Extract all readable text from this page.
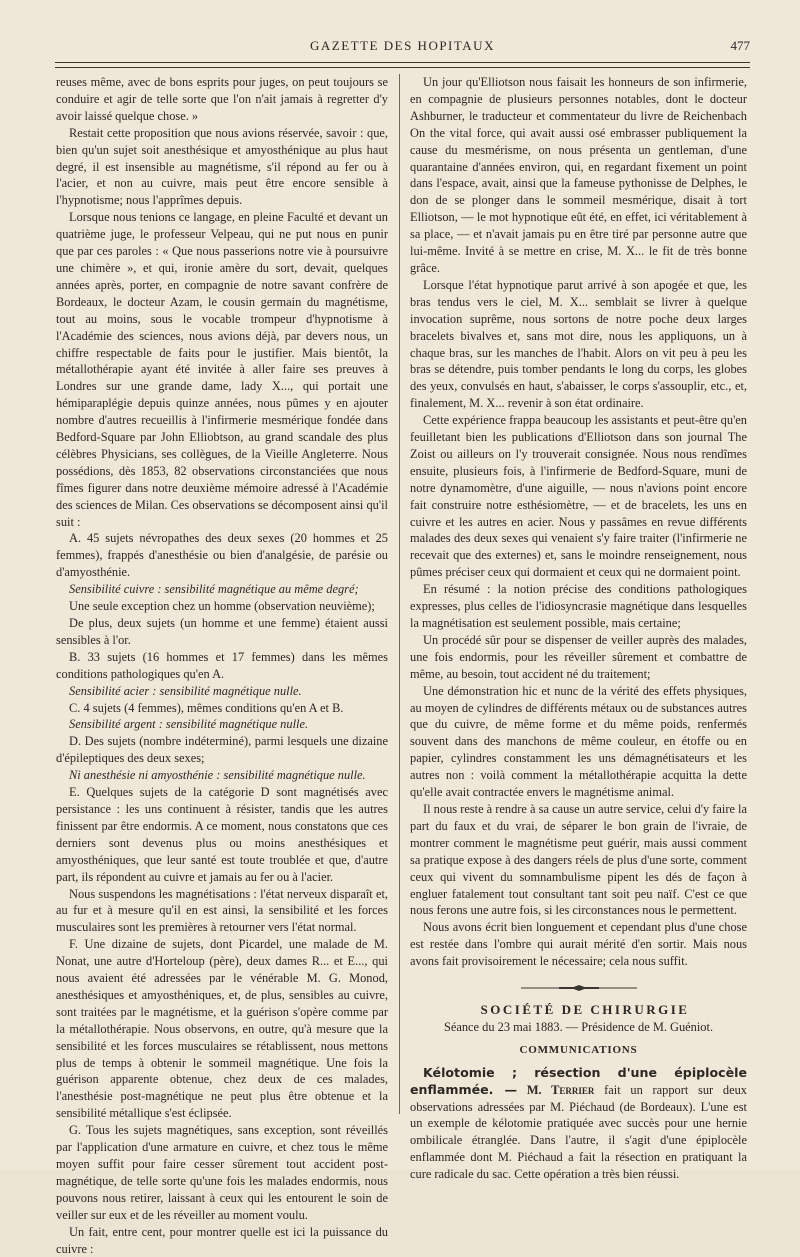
GAZETTE DES HOPITAUX	477

reuses même, avec de bons esprits pour juges, on peut toujours se conduire et agir de telle sorte que l'on n'ait jamais à regretter d'y avoir laissé quelque chose. »

Restait cette proposition que nous avions réservée, savoir : que, bien qu'un sujet soit anesthésique et amyosthénique au plus haut degré, il est insensible au magnétisme, s'il répond au fer ou à l'acier, et non au cuivre, mais peut être encore sensible à l'hypnotisme; nous l'apprîmes depuis.

Lorsque nous tenions ce langage, en pleine Faculté et devant un quatrième juge, le professeur Velpeau, qui ne put nous en punir que par ces paroles : « Que nous passerions notre vie à poursuivre une chimère », et qui, ironie amère du sort, devait, quelques années après, porter, en compagnie de notre savant confrère de Bordeaux, le docteur Azam, le cousin germain du magnétisme, tout au moins, sous le vocable trompeur d'hypnotisme à l'Académie des sciences, nous avions déjà, par devers nous, un chiffre respectable de faits pour le justifier. Mais bientôt, la métallothérapie ayant été invitée à aller faire ses preuves à Londres sur une grande dame, lady X..., qui portait une hémiparaplégie depuis quinze années, nous pûmes y en ajouter nombre d'autres recueillis à l'infirmerie mesmérique fondée dans Bedford-Square par John Elliobtson, au grand scandale des plus célèbres Physicians, ses collègues, de la Vieille Angleterre. Nous possédions, dès 1853, 82 observations circonstanciées que nous fîmes figurer dans notre deuxième mémoire adressé à l'Académie des sciences de Milan. Ces observations se décomposent ainsi qu'il suit :

A. 45 sujets névropathes des deux sexes (20 hommes et 25 femmes), frappés d'anesthésie ou bien d'analgésie, de parésie ou d'amyosthénie.

Sensibilité cuivre : sensibilité magnétique au même degré;

Une seule exception chez un homme (observation neuvième);

De plus, deux sujets (un homme et une femme) étaient aussi sensibles à l'or.

B. 33 sujets (16 hommes et 17 femmes) dans les mêmes conditions pathologiques qu'en A.

Sensibilité acier : sensibilité magnétique nulle.

C. 4 sujets (4 femmes), mêmes conditions qu'en A et B.

Sensibilité argent : sensibilité magnétique nulle.

D. Des sujets (nombre indéterminé), parmi lesquels une dizaine d'épileptiques des deux sexes;

Ni anesthésie ni amyosthénie : sensibilité magnétique nulle.

E. Quelques sujets de la catégorie D sont magnétisés avec persistance : les uns continuent à résister, tandis que les autres finissent par être endormis. A ce moment, nous constatons que ces derniers sont devenus plus ou moins anesthésiques et amyosthéniques, que leur santé est toute troublée et que, d'autre part, ils répondent au cuivre et jamais au fer ou à l'acier.

Nous suspendons les magnétisations : l'état nerveux disparaît et, au fur et à mesure qu'il en est ainsi, la sensibilité et les forces musculaires sont les premières à retourner vers l'état normal.

F. Une dizaine de sujets, dont Picardel, une malade de M. Nonat, une autre d'Horteloup (père), deux dames R... et E..., qui nous avaient été adressées par le vénérable M. G. Monod, anesthésiques et amyosthéniques, et, de plus, sensibles au cuivre, sont traitées par le magnétisme, et la guérison s'opère comme par la métallothérapie. Nous observons, en outre, qu'à mesure que la sensibilité et les forces musculaires se rétablissent, nous mettons plus de temps à obtenir le sommeil magnétique. Une fois la guérison apparente obtenue, chez deux de ces malades, l'anesthésie post-magnétique ne peut plus être obtenue et la sensibilité métallique s'est éclipsée.

G. Tous les sujets magnétiques, sans exception, sont réveillés par l'application d'une armature en cuivre, et chez tous le même moyen suffit pour faire cesser sûrement tout accident post-magnétique, de telle sorte qu'une fois les malades endormis, nous pouvons nous retirer, laissant à ceux qui les entourent le soin de veiller sur eux et de les réveiller au moment voulu.

Un fait, entre cent, pour montrer quelle est ici la puissance du cuivre :

Un jour qu'Elliotson nous faisait les honneurs de son infirmerie, en compagnie de plusieurs personnes notables, dont le docteur Ashburner, le traducteur et commentateur du livre de Reichenbach On the vital force, qui avait aussi osé embrasser publiquement la cause du mesmérisme, on nous présenta un gentleman, d'une quarantaine d'années environ, qui, en regardant fixement un point dans l'espace, avait, ainsi que la fameuse pythonisse de Delphes, le don de se plonger dans le sommeil mesmérique, disait à tort Elliotson, — le mot hypnotique eût été, en effet, ici véritablement à sa place, — et n'avait jamais pu en être tiré par personne autre que lui-même. Invité à se mettre en crise, M. X... le fit de très bonne grâce.

Lorsque l'état hypnotique parut arrivé à son apogée et que, les bras tendus vers le ciel, M. X... semblait se livrer à quelque invocation suprême, nous sortons de notre poche deux larges bracelets bivalves et, sans mot dire, nous les appliquons, un à chaque bras, sur les manches de l'habit. Alors on vit peu à peu les bras se détendre, puis tomber pendants le long du corps, les globes des yeux, convulsés en haut, s'abaisser, le corps s'assouplir, etc., et, finalement, M. X... revenir à son état ordinaire.

Cette expérience frappa beaucoup les assistants et peut-être qu'en feuilletant bien les publications d'Elliotson dans son journal The Zoist ou ailleurs on l'y trouverait consignée. Nous nous rendîmes ensuite, plusieurs fois, à l'infirmerie de Bedford-Square, muni de notre dynamomètre, d'une aiguille, — nous n'avions point encore fait construire notre esthésiomètre, — et de bracelets, les uns en cuivre et les autres en acier. Nous y passâmes en revue différents malades des deux sexes qui venaient s'y faire traiter (l'infirmerie ne recevait que des externes) et, sans le moindre renseignement, nous pûmes préciser ceux qui dormaient et ceux qui ne dormaient point.

En résumé : la notion précise des conditions pathologiques expresses, plus celles de l'idiosyncrasie magnétique dans lesquelles la magnétisation est seulement possible, mais certaine;

Un procédé sûr pour se dispenser de veiller auprès des malades, une fois endormis, pour les réveiller sûrement et combattre de même, au besoin, tout accident né du traitement;

Une démonstration hic et nunc de la vérité des effets physiques, au moyen de cylindres de différents métaux ou de substances autres que du cuivre, de même forme et du même poids, renfermés souvent dans des manchons de même couleur, en étoffe ou en papier, cylindres constamment les uns démagnétisateurs et les autres non : voilà comment la métallothérapie acquitta la dette qu'elle avait contractée envers le magnétisme animal.

Il nous reste à rendre à sa cause un autre service, celui d'y faire la part du faux et du vrai, de séparer le bon grain de l'ivraie, de montrer comment le magnétisme peut guérir, mais aussi comment sa pratique expose à des dangers réels de plus d'une sorte, comment ceux qui vivent du somnambulisme pipent les dés de façon à engluer fatalement tout consultant tant soit peu naïf. C'est ce que nous ferons une autre fois, si les circonstances nous le permettent.

Nous avons écrit bien longuement et cependant plus d'une chose est restée dans l'ombre qui aurait mérité d'en sortir. Mais nous avons fait provisoirement le nécessaire; cela nous suffit.

SOCIÉTÉ DE CHIRURGIE

Séance du 23 mai 1883. — Présidence de M. Guéniot.

COMMUNICATIONS

Kélotomie ; résection d'une épiplocèle enflammée. — M. Terrier fait un rapport sur deux observations adressées par M. Piéchaud (de Bordeaux). L'une est un exemple de kélotomie pratiquée avec succès pour une hernie ombilicale étranglée. Dans l'autre, il s'agit d'une épiplocèle enflammée dont M. Piéchaud a fait la résection en pratiquant la cure radicale du sac. Cette opération a très bien réussi.
